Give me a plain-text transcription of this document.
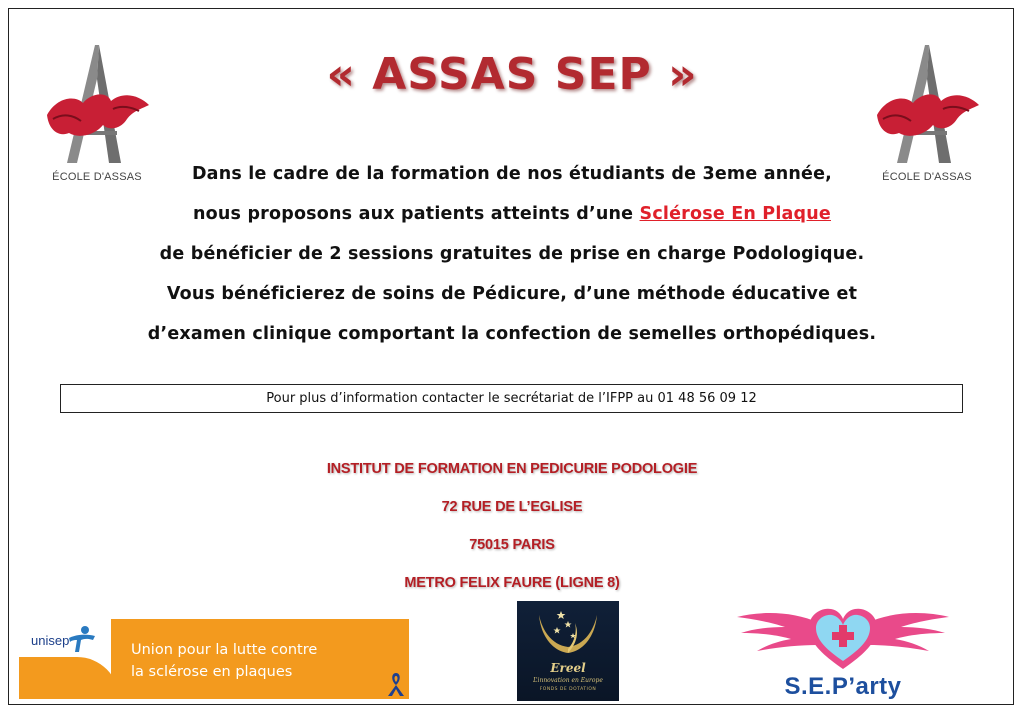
ÉCOLE D'ASSAS	ÉCOLE D'ASSAS
« ASSAS SEP »
Dans le cadre de la formation de nos étudiants de 3eme année,
nous proposons aux patients atteints d’une Sclérose En Plaque
de bénéficier de 2 sessions gratuites de prise en charge Podologique.
Vous bénéficierez de soins de Pédicure, d’une méthode éducative et
d’examen clinique comportant la confection de semelles orthopédiques.
Pour plus d’information contacter le secrétariat de l’IFPP au 01 48 56 09 12
INSTITUT DE FORMATION EN PEDICURIE PODOLOGIE
72 RUE DE L’EGLISE
75015 PARIS
METRO FELIX FAURE (LIGNE 8)
unisep
Union pour la lutte contre
la sclérose en plaques	Ereel
L’innovation en Europe
FONDS DE DOTATION	S.E.P’arty
